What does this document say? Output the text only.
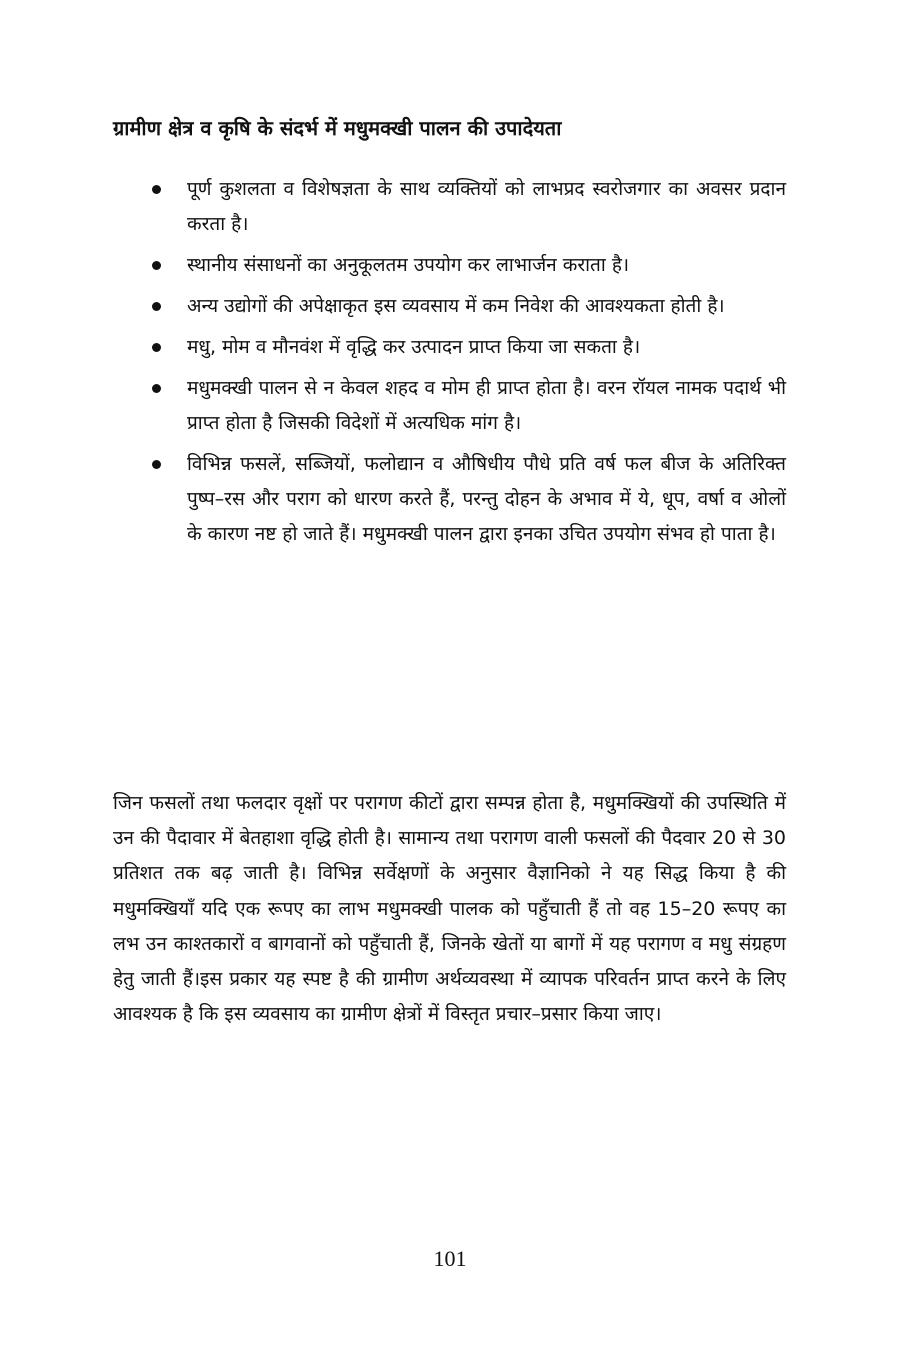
ग्रामीण क्षेत्र व कृषि के संदर्भ में मधुमक्खी पालन की उपादेयता
पूर्ण कुशलता व विशेषज्ञता के साथ व्यक्तियों को लाभप्रद स्वरोजगार का अवसर प्रदान करता है।
स्थानीय संसाधनों का अनुकूलतम उपयोग कर लाभार्जन कराता है।
अन्य उद्योगों की अपेक्षाकृत इस व्यवसाय में कम निवेश की आवश्यकता होती है।
मधु, मोम व मौनवंश में वृद्धि कर उत्पादन प्राप्त किया जा सकता है।
मधुमक्खी पालन से न केवल शहद व मोम ही प्राप्त होता है। वरन रॉयल नामक पदार्थ भी प्राप्त होता है जिसकी विदेशों में अत्यधिक मांग है।
विभिन्न फसलें, सब्जियों, फलोद्यान व औषिधीय पौधे प्रति वर्ष फल बीज के अतिरिक्त पुष्प–रस और पराग को धारण करते हैं, परन्तु दोहन के अभाव में ये, धूप, वर्षा व ओलों के कारण नष्ट हो जाते हैं। मधुमक्खी पालन द्वारा इनका उचित उपयोग संभव हो पाता है।

जिन फसलों तथा फलदार वृक्षों पर परागण कीटों द्वारा सम्पन्न होता है, मधुमक्खियों की उपस्थिति में उन की पैदावार में बेतहाशा वृद्धि होती है। सामान्य तथा परागण वाली फसलों की पैदवार 20 से 30 प्रतिशत तक बढ़ जाती है। विभिन्न सर्वेक्षणों के अनुसार वैज्ञानिको ने यह सिद्ध किया है की मधुमक्खियाँ यदि एक रूपए का लाभ मधुमक्खी पालक को पहुँचाती हैं तो वह 15–20 रूपए का लभ उन काश्तकारों व बागवानों को पहुँचाती हैं, जिनके खेतों या बागों में यह परागण व मधु संग्रहण हेतु जाती हैं।इस प्रकार यह स्पष्ट है की ग्रामीण अर्थव्यवस्था में व्यापक परिवर्तन प्राप्त करने के लिए आवश्यक है कि इस व्यवसाय का ग्रामीण क्षेत्रों में विस्तृत प्रचार–प्रसार किया जाए।

101
